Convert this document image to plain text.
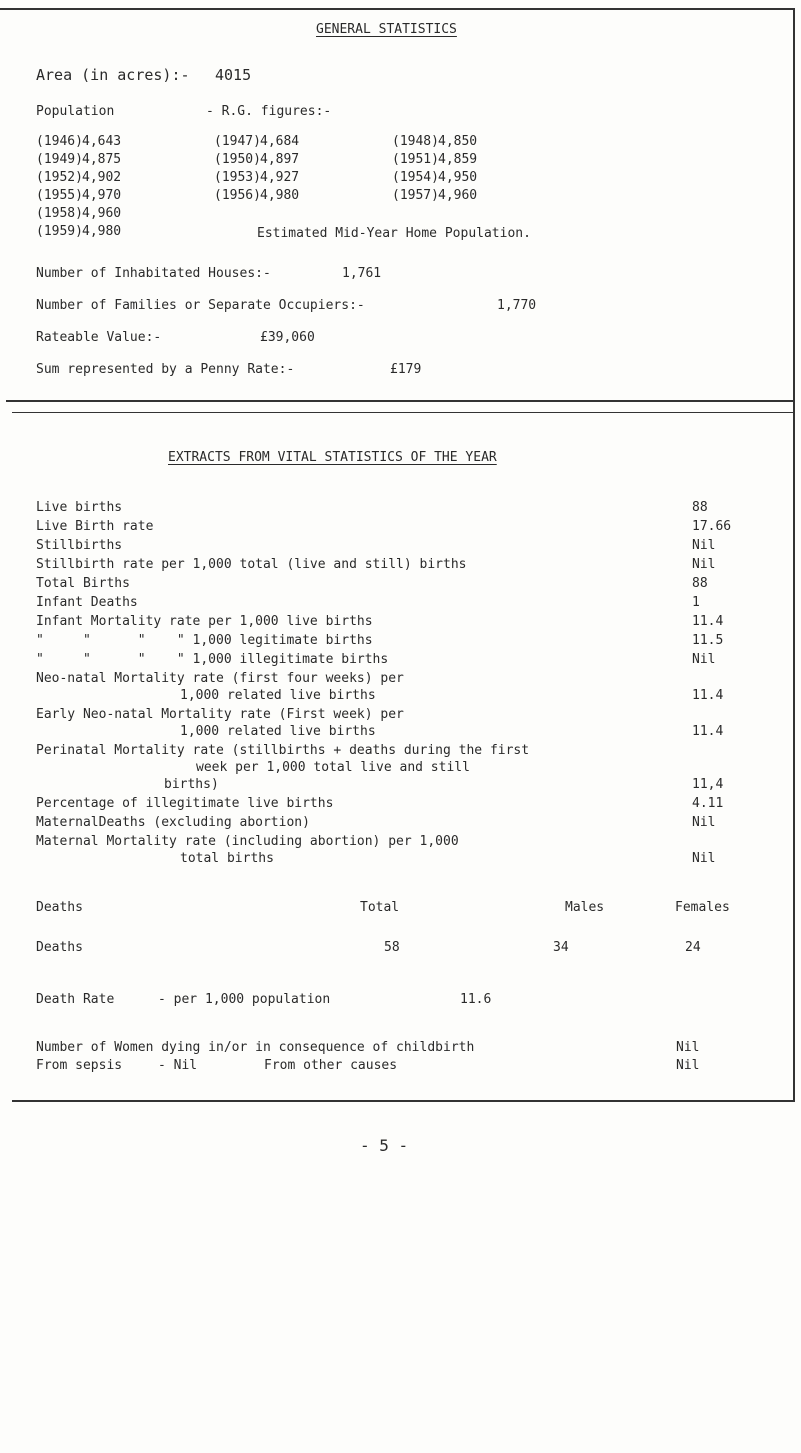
GENERAL STATISTICS
Area (in acres):- 4015
Population	- R.G. figures:-
(1946) 4,643	(1947) 4,684	(1948) 4,850
(1949) 4,875	(1950) 4,897	(1951) 4,859
(1952) 4,902	(1953) 4,927	(1954) 4,950
(1955) 4,970	(1956) 4,980	(1957) 4,960
(1958) 4,960
(1959) 4,980	Estimated Mid-Year Home Population.
Number of Inhabitated Houses:-	1,761
Number of Families or Separate Occupiers:-	1,770
Rateable Value:-	£39,060
Sum represented by a Penny Rate:-	£179
EXTRACTS FROM VITAL STATISTICS OF THE YEAR
Live births	88
Live Birth rate	17.66
Stillbirths	Nil
Stillbirth rate per 1,000 total (live and still) births	Nil
Total Births	88
Infant Deaths	1
Infant Mortality rate per 1,000 live births	11.4
"     "      "    " 1,000 legitimate births	11.5
"     "      "    " 1,000 illegitimate births	Nil
Neo-natal Mortality rate (first four weeks) per
1,000 related live births	11.4
Early Neo-natal Mortality rate (First week) per
1,000 related live births	11.4
Perinatal Mortality rate (stillbirths + deaths during the first
week per 1,000 total live and still
births)	11,4
Percentage of illegitimate live births	4.11
MaternalDeaths (excluding abortion)	Nil
Maternal Mortality rate (including abortion) per 1,000
total births	Nil
Deaths	Total	Males	Females
Deaths	58	34	24
Death Rate	- per 1,000 population	11.6
Number of Women dying in/or in consequence of childbirth	Nil
From sepsis	- Nil	From other causes	Nil
- 5 -
